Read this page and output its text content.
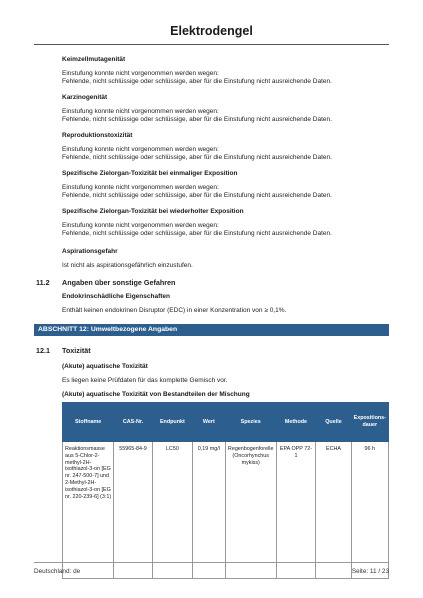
Elektrodengel
Keimzellmutagenität
Einstufung konnte nicht vorgenommen werden wegen:
Fehlende, nicht schlüssige oder schlüssige, aber für die Einstufung nicht ausreichende Daten.
Karzinogenität
Einstufung konnte nicht vorgenommen werden wegen:
Fehlende, nicht schlüssige oder schlüssige, aber für die Einstufung nicht ausreichende Daten.
Reproduktionstoxizität
Einstufung konnte nicht vorgenommen werden wegen:
Fehlende, nicht schlüssige oder schlüssige, aber für die Einstufung nicht ausreichende Daten.
Spezifische Zielorgan-Toxizität bei einmaliger Exposition
Einstufung konnte nicht vorgenommen werden wegen:
Fehlende, nicht schlüssige oder schlüssige, aber für die Einstufung nicht ausreichende Daten.
Spezifische Zielorgan-Toxizität bei wiederholter Exposition
Einstufung konnte nicht vorgenommen werden wegen:
Fehlende, nicht schlüssige oder schlüssige, aber für die Einstufung nicht ausreichende Daten.
Aspirationsgefahr
Ist nicht als aspirationsgefährlich einzustufen.
11.2 Angaben über sonstige Gefahren
Endokrinschädliche Eigenschaften
Enthält keinen endokrinen Disruptor (EDC) in einer Konzentration von ≥ 0,1%.
ABSCHNITT 12: Umweltbezogene Angaben
12.1 Toxizität
(Akute) aquatische Toxizität
Es liegen keine Prüfdaten für das komplette Gemisch vor.
(Akute) aquatische Toxizität von Bestandteilen der Mischung
Stoffname	CAS-Nr.	Endpunkt	Wert	Spezies	Methode	Quelle	Expositions-dauer
Reaktionsmasse aus 5-Chlor-2-methyl-2H-isothiazol-3-on [EG nr. 247-500-7] und 2-Methyl-2H-isothiazol-3-on [EG nr. 220-239-6] (3:1)	55965-84-9	LC50	0,19 mg/l	Regenbogenforelle (Oncorhynchus mykiss)	EPA OPP 72-1	ECHA	96 h
Deutschland: de	Seite: 11 / 23
